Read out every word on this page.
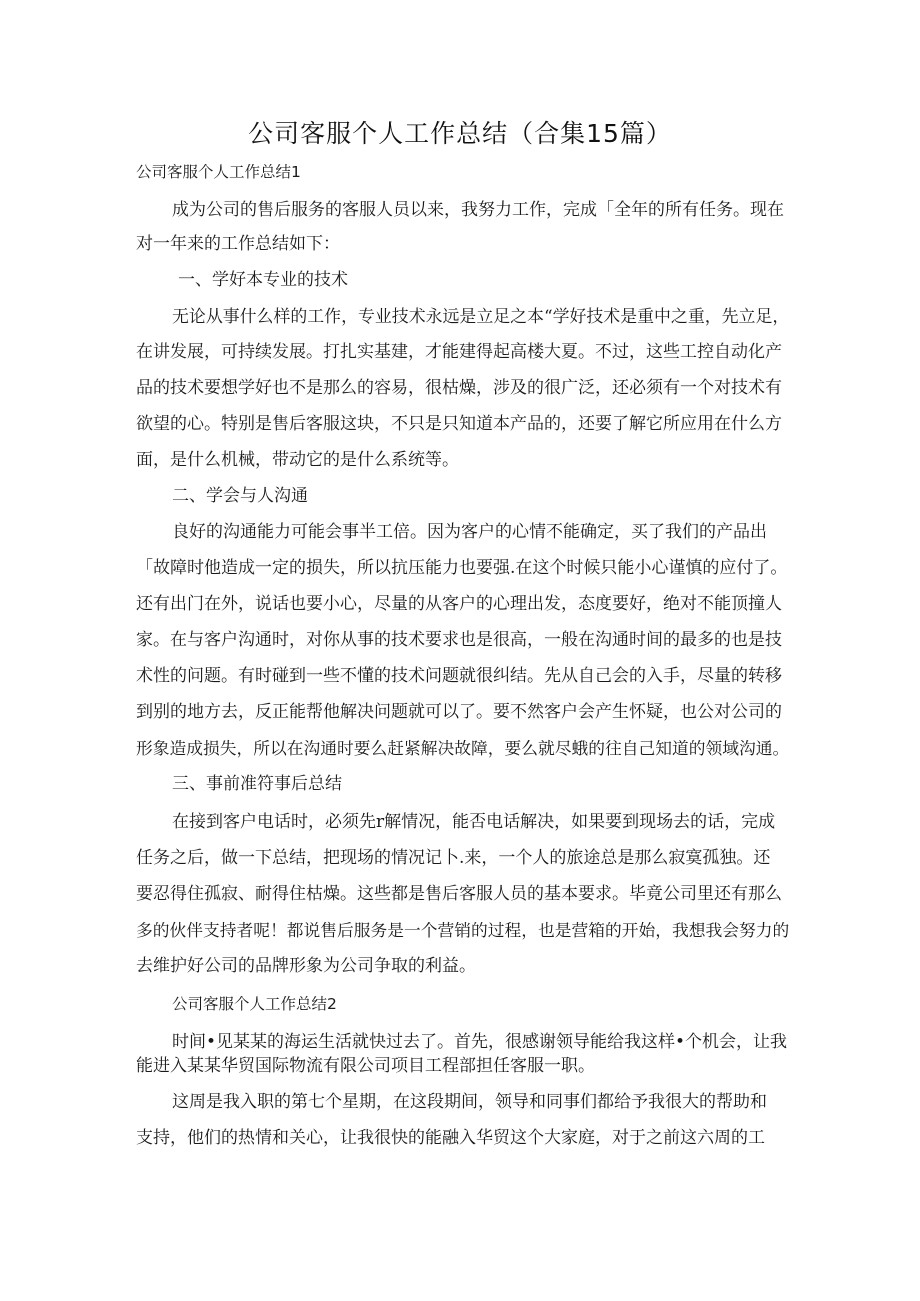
公司客服个人工作总结（合集15篇）

公司客服个人工作总结1

成为公司的售后服务的客服人员以来，我努力工作，完成「全年的所有任务。现在

对一年来的工作总结如下：

一、学好本专业的技术

无论从事什么样的工作，专业技术永远是立足之本“学好技术是重中之重，先立足，

在讲发展，可持续发展。打扎实基建，才能建得起高楼大夏。不过，这些工控自动化产

品的技术要想学好也不是那么的容易，很枯燥，涉及的很广泛，还必须有一个对技术有

欲望的心。特别是售后客服这块，不只是只知道本产品的，还要了解它所应用在什么方

面，是什么机械，带动它的是什么系统等。

二、学会与人沟通

良好的沟通能力可能会事半工倍。因为客户的心情不能确定，买了我们的产品出

「故障时他造成一定的损失，所以抗压能力也要强.在这个时候只能小心谨慎的应付了。

还有出门在外，说话也要小心，尽量的从客户的心理出发，态度要好，绝对不能顶撞人

家。在与客户沟通时，对你从事的技术要求也是很高，一般在沟通时间的最多的也是技

术性的问题。有时碰到一些不懂的技术问题就很纠结。先从自己会的入手，尽量的转移

到别的地方去，反正能帮他解决问题就可以了。要不然客户会产生怀疑，也公对公司的

形象造成损失，所以在沟通时要么赶紧解决故障，要么就尽蛾的往自己知道的领域沟通。

三、事前准符事后总结

在接到客户电话时，必须先r解情况，能否电话解决，如果要到现场去的话，完成

任务之后，做一下总结，把现场的情况记卜.来，一个人的旅途总是那么寂寞孤独。还

要忍得住孤寂、耐得住枯燥。这些都是售后客服人员的基本要求。毕竟公司里还有那么

多的伙伴支持者呢！都说售后服务是一个营销的过程，也是营箱的开始，我想我会努力的

去维护好公司的品牌形象为公司争取的利益。

公司客服个人工作总结2

时间•见某某的海运生活就快过去了。首先，很感谢领导能给我这样•个机会，让我

能进入某某华贸国际物流有限公司项目工程部担任客服一职。

这周是我入职的第七个星期，在这段期间，领导和同事们都给予我很大的帮助和

支持，他们的热情和关心，让我很快的能融入华贸这个大家庭，对于之前这六周的工
